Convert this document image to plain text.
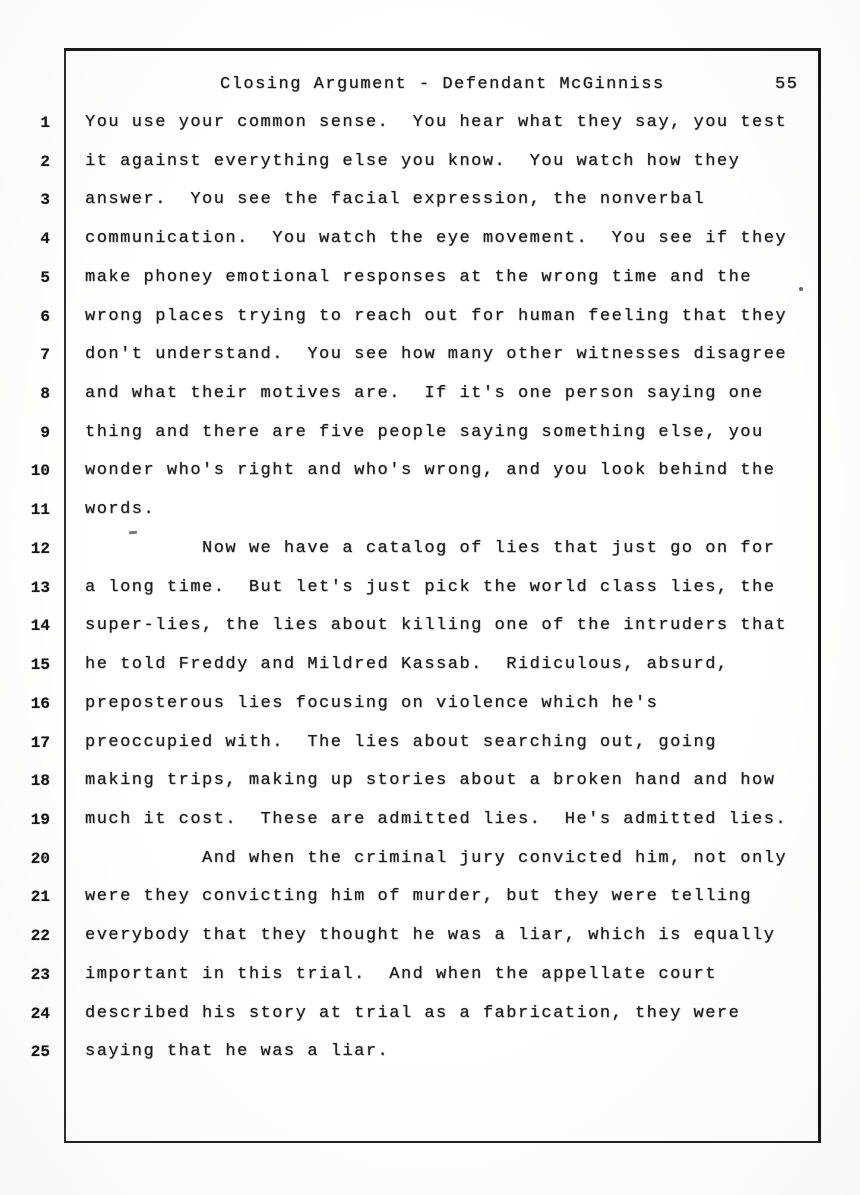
Closing Argument - Defendant McGinniss	55
1 You use your common sense.  You hear what they say, you test
2 it against everything else you know.  You watch how they
3 answer.  You see the facial expression, the nonverbal
4 communication.  You watch the eye movement.  You see if they
5 make phoney emotional responses at the wrong time and the
6 wrong places trying to reach out for human feeling that they
7 don't understand.  You see how many other witnesses disagree
8 and what their motives are.  If it's one person saying one
9 thing and there are five people saying something else, you
10 wonder who's right and who's wrong, and you look behind the
11 words.
12 Now we have a catalog of lies that just go on for
13 a long time.  But let's just pick the world class lies, the
14 super-lies, the lies about killing one of the intruders that
15 he told Freddy and Mildred Kassab.  Ridiculous, absurd,
16 preposterous lies focusing on violence which he's
17 preoccupied with.  The lies about searching out, going
18 making trips, making up stories about a broken hand and how
19 much it cost.  These are admitted lies.  He's admitted lies.
20 And when the criminal jury convicted him, not only
21 were they convicting him of murder, but they were telling
22 everybody that they thought he was a liar, which is equally
23 important in this trial.  And when the appellate court
24 described his story at trial as a fabrication, they were
25 saying that he was a liar.
